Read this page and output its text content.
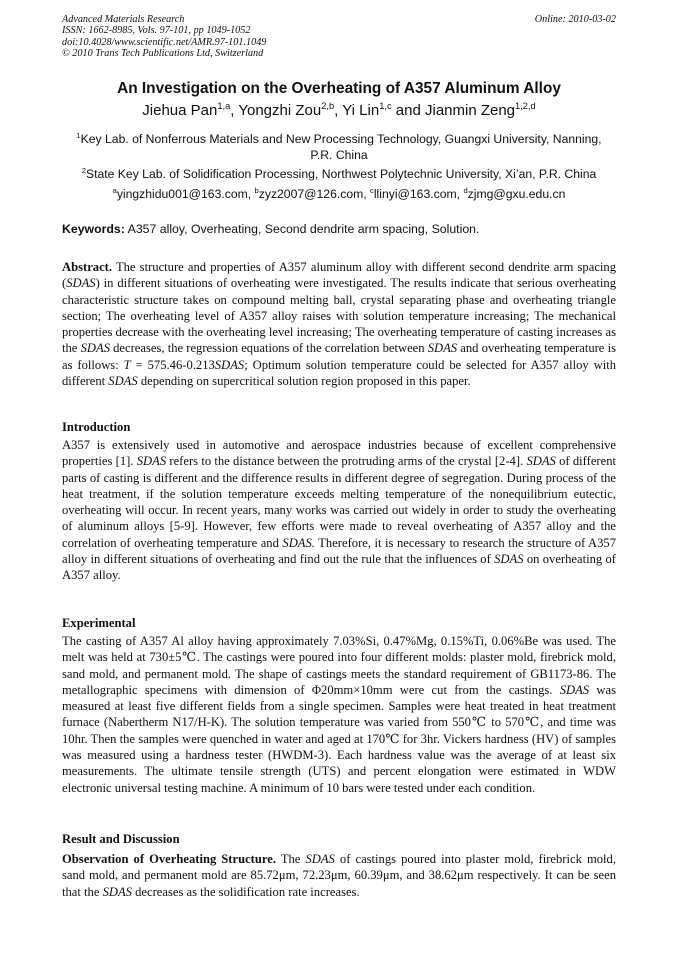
Advanced Materials Research
ISSN: 1662-8985, Vols. 97-101, pp 1049-1052
doi:10.4028/www.scientific.net/AMR.97-101.1049
© 2010 Trans Tech Publications Ltd, Switzerland
Online: 2010-03-02
An Investigation on the Overheating of A357 Aluminum Alloy
Jiehua Pan$^{1,a}$, Yongzhi Zou$^{2,b}$, Yi Lin$^{1,c}$ and Jianmin Zeng$^{1,2,d}$
$^1$Key Lab. of Nonferrous Materials and New Processing Technology, Guangxi University, Nanning, P.R. China
$^2$State Key Lab. of Solidification Processing, Northwest Polytechnic University, Xi’an, P.R. China
$^a$yingzhidu001@163.com, $^b$zyz2007@126.com, $^c$llinyi@163.com, $^d$zjmg@gxu.edu.cn
Keywords: A357 alloy, Overheating, Second dendrite arm spacing, Solution.
Abstract. The structure and properties of A357 aluminum alloy with different second dendrite arm spacing (SDAS) in different situations of overheating were investigated. The results indicate that serious overheating characteristic structure takes on compound melting ball, crystal separating phase and overheating triangle section; The overheating level of A357 alloy raises with solution temperature increasing; The mechanical properties decrease with the overheating level increasing; The overheating temperature of casting increases as the SDAS decreases, the regression equations of the correlation between SDAS and overheating temperature is as follows: T = 575.46-0.213SDAS; Optimum solution temperature could be selected for A357 alloy with different SDAS depending on supercritical solution region proposed in this paper.
Introduction
A357 is extensively used in automotive and aerospace industries because of excellent comprehensive properties [1]. SDAS refers to the distance between the protruding arms of the crystal [2-4]. SDAS of different parts of casting is different and the difference results in different degree of segregation. During process of the heat treatment, if the solution temperature exceeds melting temperature of the nonequilibrium eutectic, overheating will occur. In recent years, many works was carried out widely in order to study the overheating of aluminum alloys [5-9]. However, few efforts were made to reveal overheating of A357 alloy and the correlation of overheating temperature and SDAS. Therefore, it is necessary to research the structure of A357 alloy in different situations of overheating and find out the rule that the influences of SDAS on overheating of A357 alloy.
Experimental
The casting of A357 Al alloy having approximately 7.03%Si, 0.47%Mg, 0.15%Ti, 0.06%Be was used. The melt was held at 730±5℃. The castings were poured into four different molds: plaster mold, firebrick mold, sand mold, and permanent mold. The shape of castings meets the standard requirement of GB1173-86. The metallographic specimens with dimension of Φ20mm×10mm were cut from the castings. SDAS was measured at least five different fields from a single specimen. Samples were heat treated in heat treatment furnace (Nabertherm N17/H-K). The solution temperature was varied from 550℃ to 570℃, and time was 10hr. Then the samples were quenched in water and aged at 170℃ for 3hr. Vickers hardness (HV) of samples was measured using a hardness tester (HWDM-3). Each hardness value was the average of at least six measurements. The ultimate tensile strength (UTS) and percent elongation were estimated in WDW electronic universal testing machine. A minimum of 10 bars were tested under each condition.
Result and Discussion
Observation of Overheating Structure. The SDAS of castings poured into plaster mold, firebrick mold, sand mold, and permanent mold are 85.72μm, 72.23μm, 60.39μm, and 38.62μm respectively. It can be seen that the SDAS decreases as the solidification rate increases.
